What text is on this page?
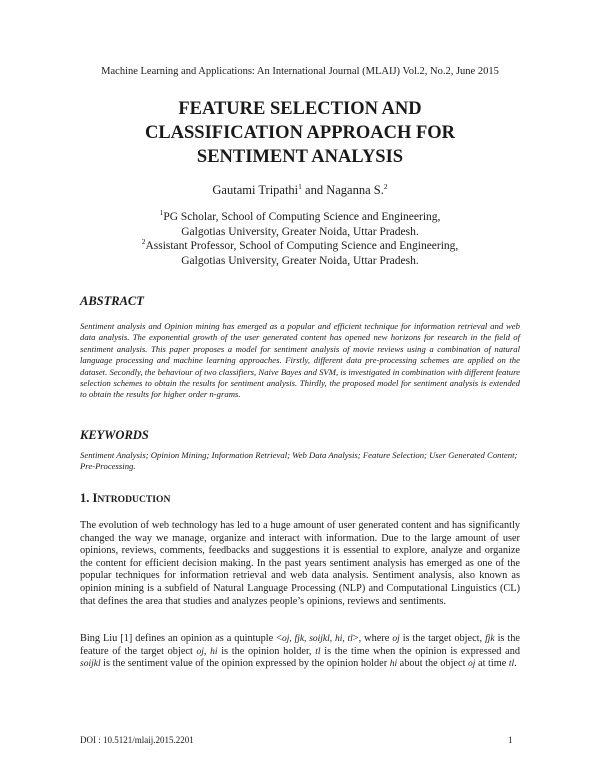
Machine Learning and Applications: An International Journal (MLAIJ) Vol.2, No.2, June 2015
FEATURE SELECTION AND
CLASSIFICATION APPROACH FOR
SENTIMENT ANALYSIS
Gautami Tripathi$^1$ and Naganna S.$^2$
$^1$PG Scholar, School of Computing Science and Engineering,
Galgotias University, Greater Noida, Uttar Pradesh.
$^2$Assistant Professor, School of Computing Science and Engineering,
Galgotias University, Greater Noida, Uttar Pradesh.
ABSTRACT
Sentiment analysis and Opinion mining has emerged as a popular and efficient technique for information retrieval and web data analysis. The exponential growth of the user generated content has opened new horizons for research in the field of sentiment analysis. This paper proposes a model for sentiment analysis of movie reviews using a combination of natural language processing and machine learning approaches. Firstly, different data pre-processing schemes are applied on the dataset. Secondly, the behaviour of two classifiers, Naive Bayes and SVM, is investigated in combination with different feature selection schemes to obtain the results for sentiment analysis. Thirdly, the proposed model for sentiment analysis is extended to obtain the results for higher order n-grams.
KEYWORDS
Sentiment Analysis; Opinion Mining; Information Retrieval; Web Data Analysis; Feature Selection; User Generated Content; Pre-Processing.
1. INTRODUCTION
The evolution of web technology has led to a huge amount of user generated content and has significantly changed the way we manage, organize and interact with information. Due to the large amount of user opinions, reviews, comments, feedbacks and suggestions it is essential to explore, analyze and organize the content for efficient decision making. In the past years sentiment analysis has emerged as one of the popular techniques for information retrieval and web data analysis. Sentiment analysis, also known as opinion mining is a subfield of Natural Language Processing (NLP) and Computational Linguistics (CL) that defines the area that studies and analyzes people’s opinions, reviews and sentiments.
Bing Liu [1] defines an opinion as a quintuple <oj, fjk, soijkl, hi, tl>, where oj is the target object, fjk is the feature of the target object oj, hi is the opinion holder, tl is the time when the opinion is expressed and soijkl is the sentiment value of the opinion expressed by the opinion holder hi about the object oj at time tl.
DOI : 10.5121/mlaij.2015.2201	1
